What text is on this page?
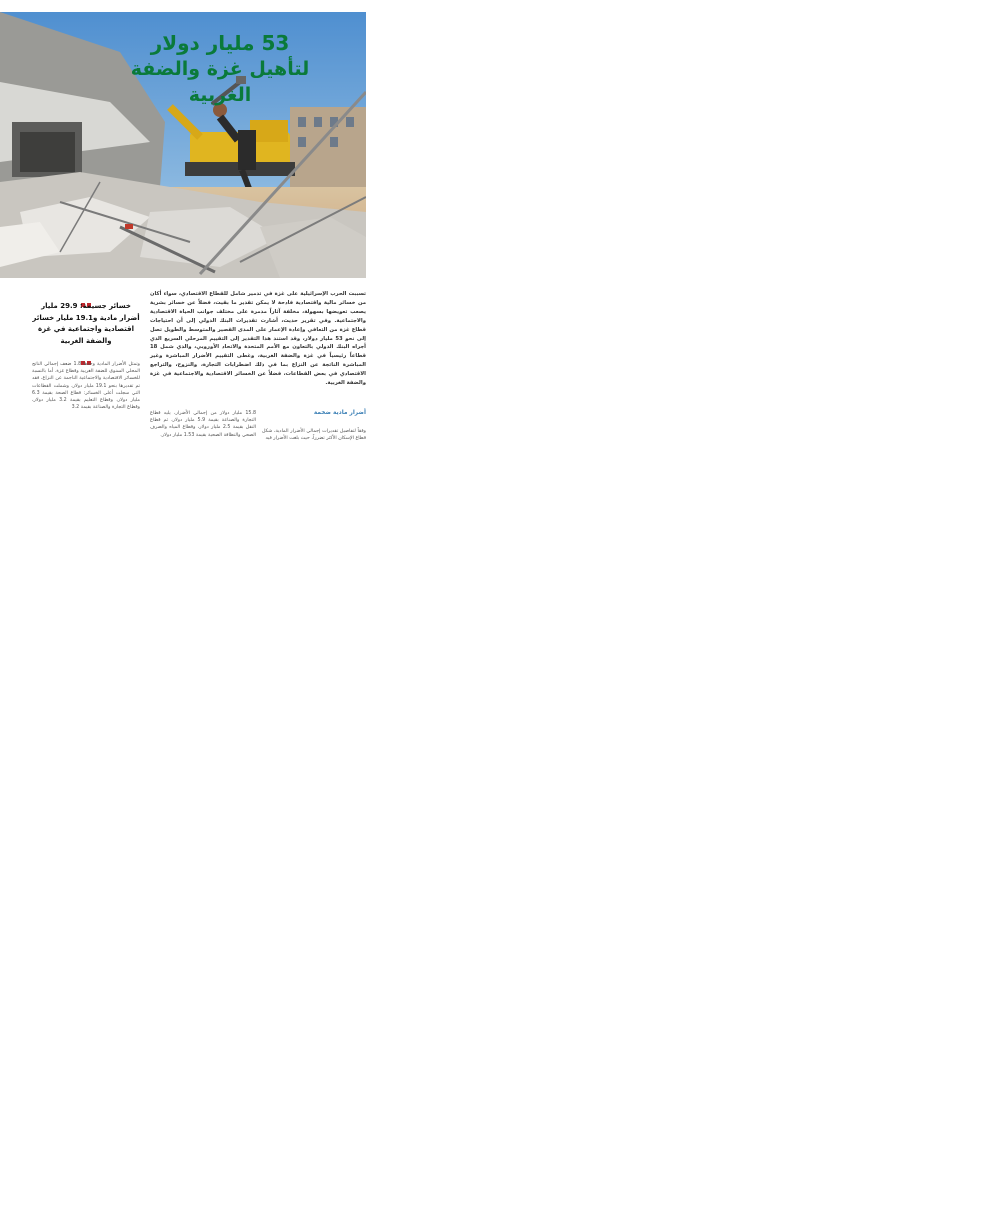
53 مليار دولار
لتأهيل غزة والضفة الغربية
تسببت الحرب الإسرائيلية على غزة في تدمير شامل للقطاع الاقتصادي، سواء أكان من خسائر مالية واقتصادية فادحة لا يمكن تقدير ما بقيت، فضلاً عن خسائر بشرية يصعب تعويضها بسهولة، مخلفة آثاراً مدمرة على مختلف جوانب الحياة الاقتصادية والاجتماعية. وفي تقرير حديث، أشارت تقديرات البنك الدولي إلى أن احتياجات قطاع غزة من التعافي وإعادة الإعمار على المدى القصير والمتوسط والطويل تصل إلى نحو 53 مليار دولار، وقد استند هذا التقدير إلى التقييم المرحلي السريع الذي أجراه البنك الدولي بالتعاون مع الأمم المتحدة والاتحاد الأوروبي، والذي شمل 18 قطاعاً رئيسياً في غزة والضفة الغربية، وغطى التقييم الأضرار المباشرة وغير المباشرة الناتجة عن النزاع بما في ذلك اضطرابات التجارة، والنزوح، والتراجع الاقتصادي في بعض القطاعات، فضلاً عن الخسائر الاقتصادية والاجتماعية في غزة والضفة الغربية.
خسائر جسيمة: 29.9 مليار أضرار مادية و19.1 مليار خسائر اقتصادية واجتماعية في غزة والضفة الغربية
وتمثل الأضرار المادية وحدها 1.8 ضعف إجمالي الناتج المحلي السنوي للضفة الغربية وقطاع غزة. أما بالنسبة للخسائر الاقتصادية والاجتماعية الناجمة عن النزاع، فقد تم تقديرها بنحو 19.1 مليار دولار، وشملت القطاعات التي سجلت أعلى الخسائر: قطاع الصحة بقيمة 6.3 مليار دولار، وقطاع التعليم بقيمة 3.2 مليار دولار، وقطاع التجارة والصناعة بقيمة 3.2
أضرار مادية ضخمة
وفقاً لتفاصيل تقديرات إجمالي الأضرار المادية، شكل قطاع الإسكان الأكثر تضرراً، حيث بلغت الأضرار فيه
15.8 مليار دولار من إجمالي الأضرار، يليه قطاع التجارة والصناعة بقيمة 5.9 مليار دولار، ثم قطاع النقل بقيمة 2.5 مليار دولار، وقطاع المياه والصرف الصحي والنظافة الصحية بقيمة 1.53 مليار دولار.
